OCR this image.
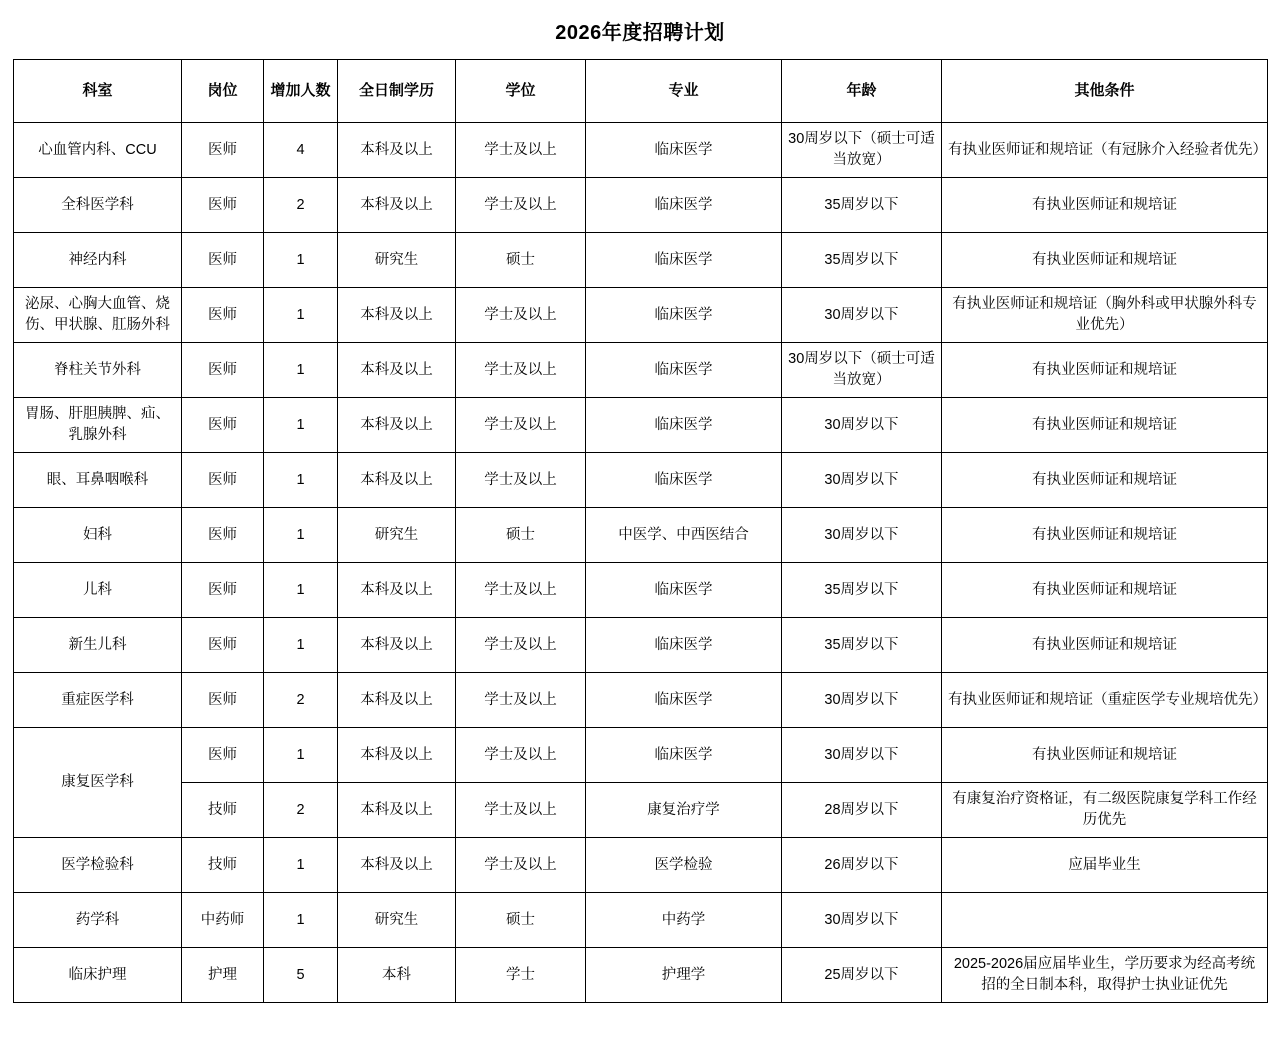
2026年度招聘计划
科室	岗位	增加人数	全日制学历	学位	专业	年龄	其他条件
心血管内科、CCU	医师	4	本科及以上	学士及以上	临床医学	30周岁以下（硕士可适当放宽）	有执业医师证和规培证（有冠脉介入经验者优先）
全科医学科	医师	2	本科及以上	学士及以上	临床医学	35周岁以下	有执业医师证和规培证
神经内科	医师	1	研究生	硕士	临床医学	35周岁以下	有执业医师证和规培证
泌尿、心胸大血管、烧伤、甲状腺、肛肠外科	医师	1	本科及以上	学士及以上	临床医学	30周岁以下	有执业医师证和规培证（胸外科或甲状腺外科专业优先）
脊柱关节外科	医师	1	本科及以上	学士及以上	临床医学	30周岁以下（硕士可适当放宽）	有执业医师证和规培证
胃肠、肝胆胰脾、疝、乳腺外科	医师	1	本科及以上	学士及以上	临床医学	30周岁以下	有执业医师证和规培证
眼、耳鼻咽喉科	医师	1	本科及以上	学士及以上	临床医学	30周岁以下	有执业医师证和规培证
妇科	医师	1	研究生	硕士	中医学、中西医结合	30周岁以下	有执业医师证和规培证
儿科	医师	1	本科及以上	学士及以上	临床医学	35周岁以下	有执业医师证和规培证
新生儿科	医师	1	本科及以上	学士及以上	临床医学	35周岁以下	有执业医师证和规培证
重症医学科	医师	2	本科及以上	学士及以上	临床医学	30周岁以下	有执业医师证和规培证（重症医学专业规培优先）
康复医学科	医师	1	本科及以上	学士及以上	临床医学	30周岁以下	有执业医师证和规培证
	技师	2	本科及以上	学士及以上	康复治疗学	28周岁以下	有康复治疗资格证，有二级医院康复学科工作经历优先
医学检验科	技师	1	本科及以上	学士及以上	医学检验	26周岁以下	应届毕业生
药学科	中药师	1	研究生	硕士	中药学	30周岁以下	
临床护理	护理	5	本科	学士	护理学	25周岁以下	2025-2026届应届毕业生，学历要求为经高考统招的全日制本科，取得护士执业证优先
